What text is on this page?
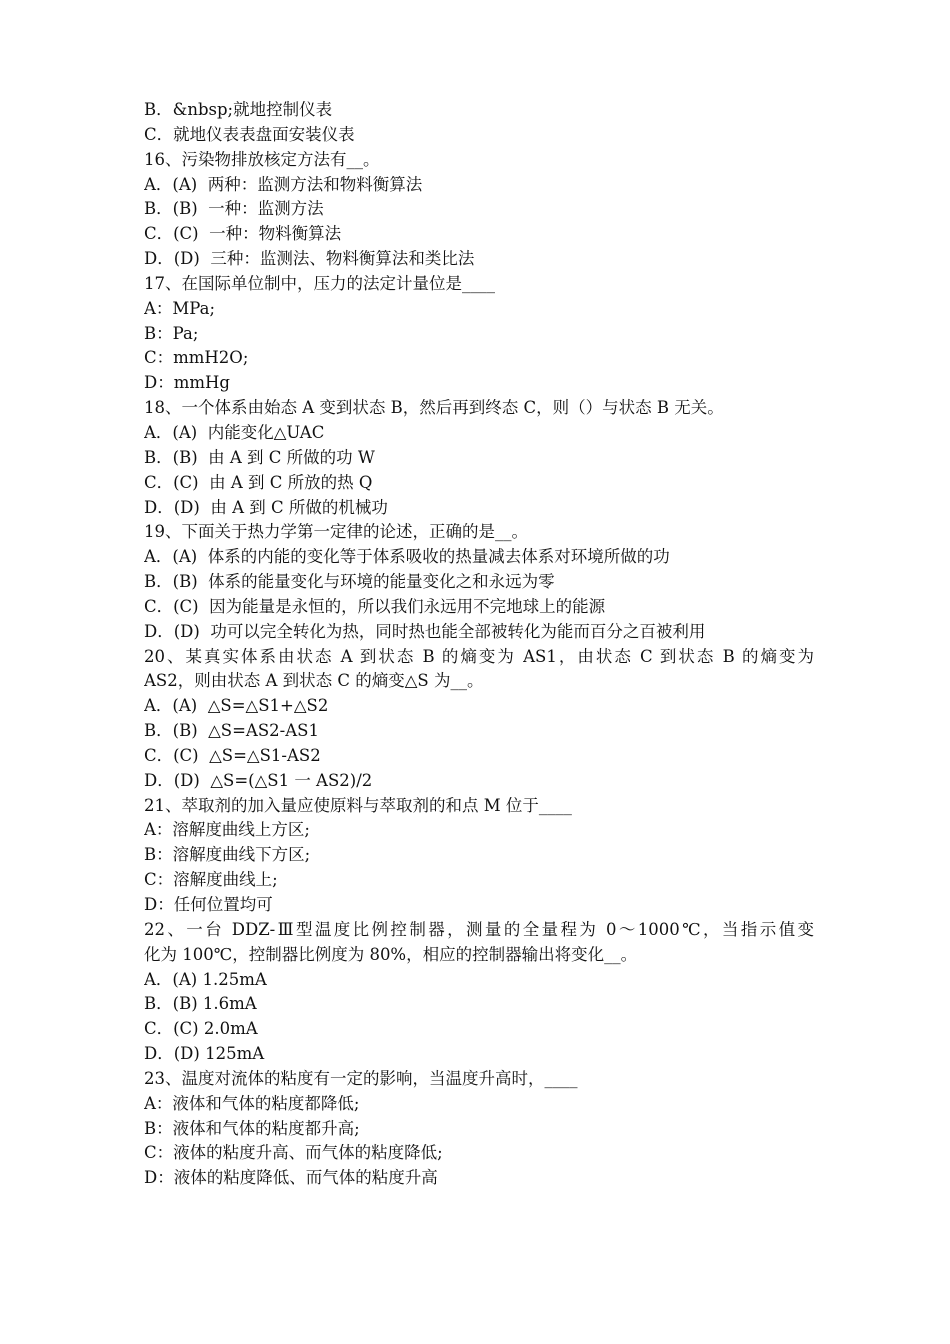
B．&nbsp;就地控制仪表
C．就地仪表表盘面安装仪表
16、污染物排放核定方法有__。
A．(A)  两种：监测方法和物料衡算法
B．(B)  一种：监测方法
C．(C)  一种：物料衡算法
D．(D)  三种：监测法、物料衡算法和类比法
17、在国际单位制中，压力的法定计量位是____
A：MPa;
B：Pa;
C：mmH2O;
D：mmHg
18、一个体系由始态 A 变到状态 B，然后再到终态 C，则（）与状态 B 无关。
A．(A)  内能变化△UAC
B．(B)  由 A 到 C 所做的功 W
C．(C)  由 A 到 C 所放的热 Q
D．(D)  由 A 到 C 所做的机械功
19、下面关于热力学第一定律的论述，正确的是__。
A．(A)  体系的内能的变化等于体系吸收的热量减去体系对环境所做的功
B．(B)  体系的能量变化与环境的能量变化之和永远为零
C．(C)  因为能量是永恒的，所以我们永远用不完地球上的能源
D．(D)  功可以完全转化为热，同时热也能全部被转化为能而百分之百被利用
20、某真实体系由状态 A 到状态 B 的熵变为 AS1，由状态 C 到状态 B 的熵变为
AS2，则由状态 A 到状态 C 的熵变△S 为__。
A．(A)  △S=△S1+△S2
B．(B)  △S=AS2-AS1
C．(C)  △S=△S1-AS2
D．(D)  △S=(△S1 一 AS2)/2
21、萃取剂的加入量应使原料与萃取剂的和点 M 位于____
A：溶解度曲线上方区;
B：溶解度曲线下方区;
C：溶解度曲线上;
D：任何位置均可
22、一台 DDZ-Ⅲ型温度比例控制器，测量的全量程为 0～1000℃，当指示值变
化为 100℃，控制器比例度为 80%，相应的控制器输出将变化__。
A．(A) 1.25mA
B．(B) 1.6mA
C．(C) 2.0mA
D．(D) 125mA
23、温度对流体的粘度有一定的影响，当温度升高时，____
A：液体和气体的粘度都降低;
B：液体和气体的粘度都升高;
C：液体的粘度升高、而气体的粘度降低;
D：液体的粘度降低、而气体的粘度升高
